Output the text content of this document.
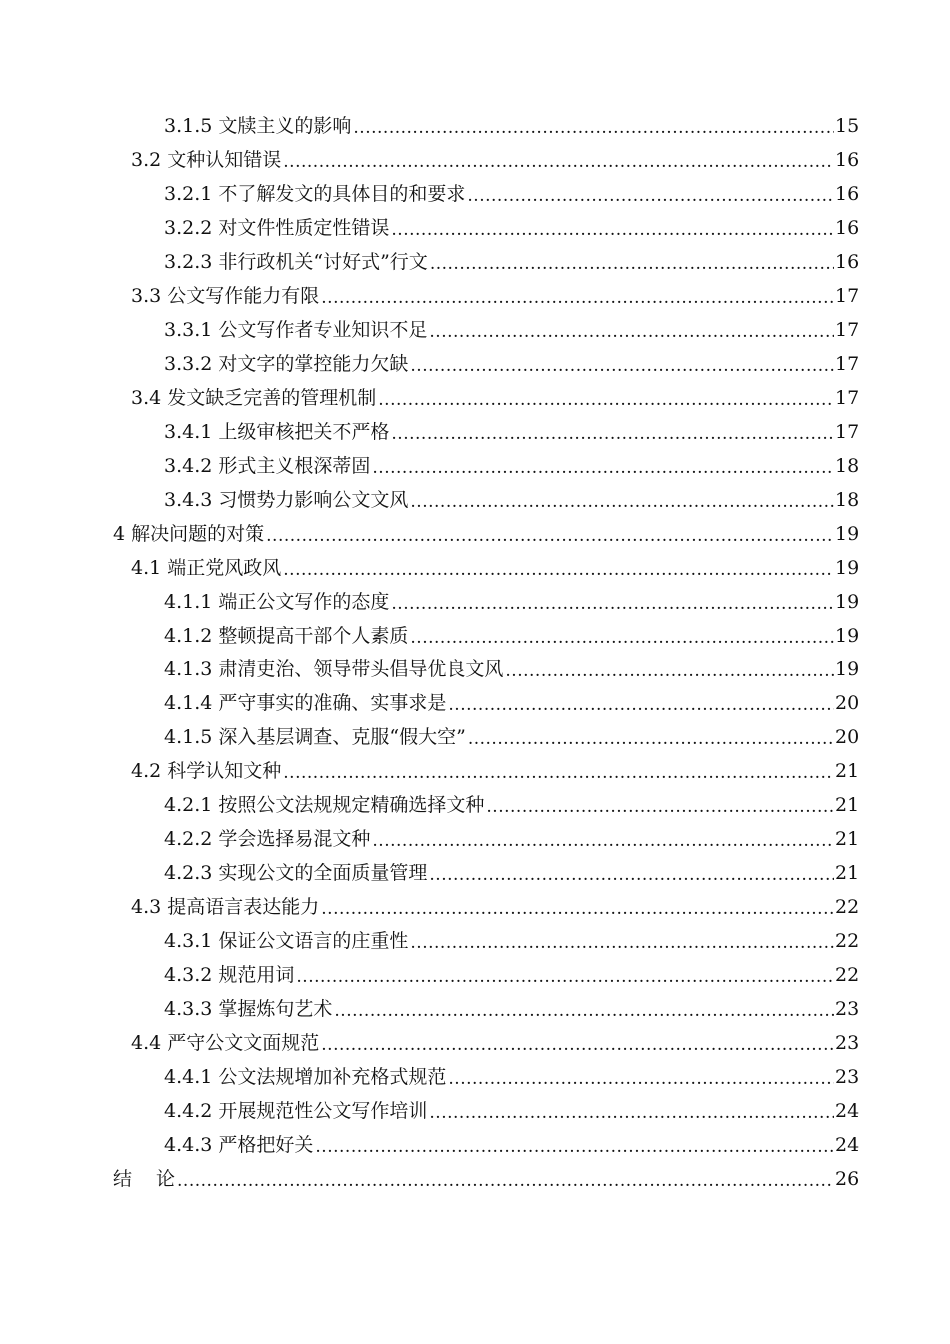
3.1.5 文牍主义的影响 .....	15
3.2 文种认知错误 .....	16
3.2.1 不了解发文的具体目的和要求 .....	16
3.2.2 对文件性质定性错误 .....	16
3.2.3 非行政机关“讨好式”行文 .....	16
3.3 公文写作能力有限 .....	17
3.3.1 公文写作者专业知识不足 .....	17
3.3.2 对文字的掌控能力欠缺 .....	17
3.4 发文缺乏完善的管理机制 .....	17
3.4.1 上级审核把关不严格 .....	17
3.4.2 形式主义根深蒂固 .....	18
3.4.3 习惯势力影响公文文风 .....	18
4 解决问题的对策 .....	19
4.1 端正党风政风 .....	19
4.1.1 端正公文写作的态度 .....	19
4.1.2 整顿提高干部个人素质 .....	19
4.1.3 肃清吏治、领导带头倡导优良文风 .....	19
4.1.4 严守事实的准确、实事求是 .....	20
4.1.5 深入基层调查、克服“假大空” .....	20
4.2 科学认知文种 .....	21
4.2.1 按照公文法规规定精确选择文种 .....	21
4.2.2 学会选择易混文种 .....	21
4.2.3 实现公文的全面质量管理 .....	21
4.3 提高语言表达能力 .....	22
4.3.1 保证公文语言的庄重性 .....	22
4.3.2 规范用词 .....	22
4.3.3 掌握炼句艺术 .....	23
4.4 严守公文文面规范 .....	23
4.4.1 公文法规增加补充格式规范 .....	23
4.4.2 开展规范性公文写作培训 .....	24
4.4.3 严格把好关 .....	24
结 论 .....	26
